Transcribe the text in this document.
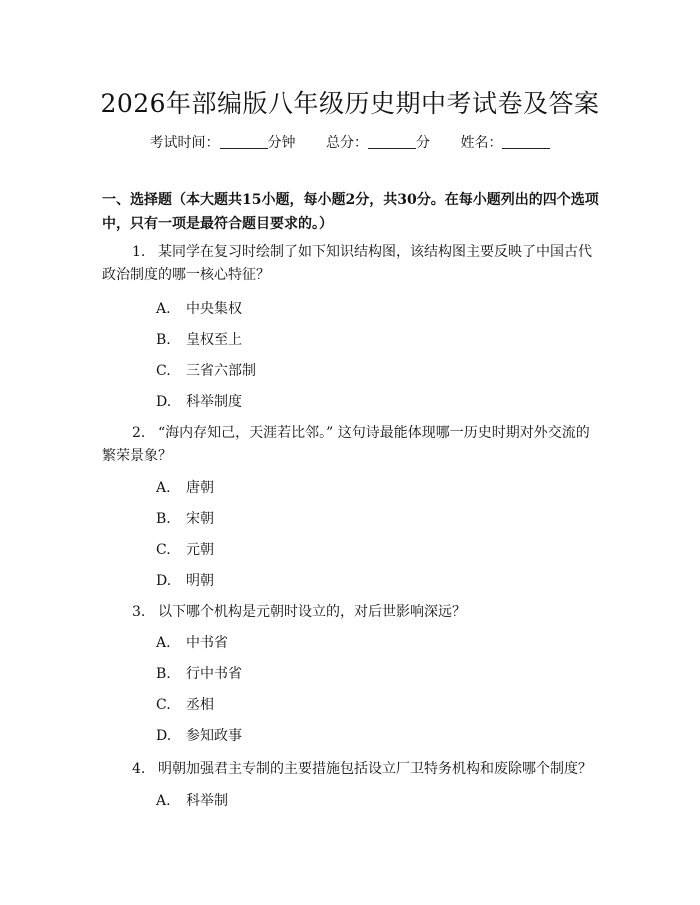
2026年部编版八年级历史期中考试卷及答案
考试时间：	分钟 总分：	分 姓名：
一、选择题（本大题共15小题，每小题2分，共30分。在每小题列出的四个选项中，只有一项是最符合题目要求的。）
1. 某同学在复习时绘制了如下知识结构图，该结构图主要反映了中国古代政治制度的哪一核心特征？
A. 中央集权
B. 皇权至上
C. 三省六部制
D. 科举制度
2. “海内存知己，天涯若比邻。” 这句诗最能体现哪一历史时期对外交流的繁荣景象？
A. 唐朝
B. 宋朝
C. 元朝
D. 明朝
3. 以下哪个机构是元朝时设立的，对后世影响深远？
A. 中书省
B. 行中书省
C. 丞相
D. 参知政事
4. 明朝加强君主专制的主要措施包括设立厂卫特务机构和废除哪个制度？
A. 科举制
